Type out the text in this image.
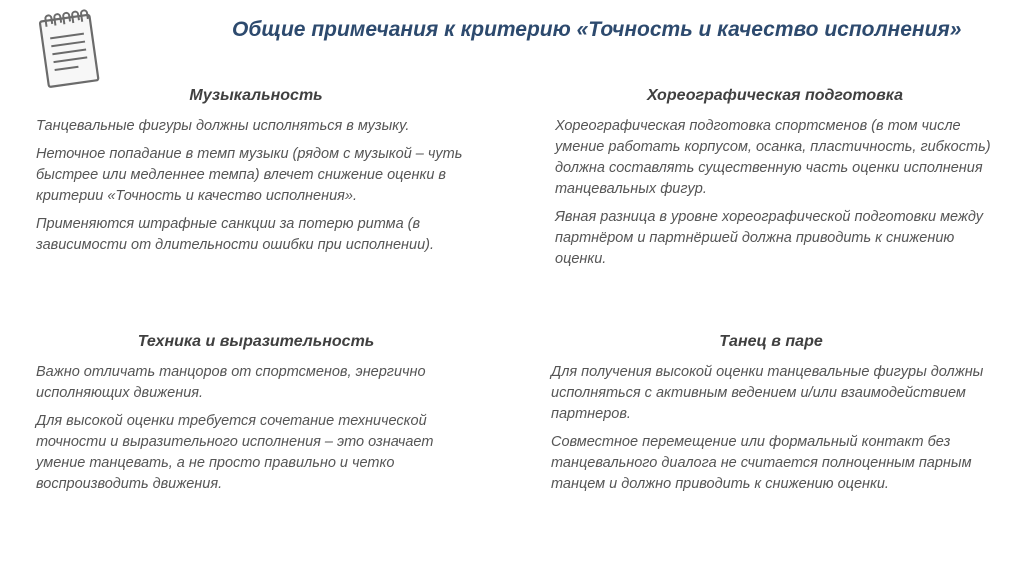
Общие примечания к критерию «Точность и качество исполнения»
Музыкальность

Танцевальные фигуры должны исполняться в музыку.

Неточное попадание в темп музыки (рядом с музыкой – чуть быстрее или медленнее темпа) влечет снижение оценки в критерии «Точность и качество исполнения».

Применяются штрафные санкции за потерю ритма (в зависимости от длительности ошибки при исполнении).

Хореографическая подготовка

Хореографическая подготовка спортсменов (в том числе умение работать корпусом, осанка, пластичность, гибкость) должна составлять существенную часть оценки исполнения танцевальных фигур.

Явная разница в уровне хореографической подготовки между партнёром и партнёршей должна приводить к снижению оценки.

Техника и выразительность

Важно отличать танцоров от спортсменов, энергично исполняющих движения.

Для высокой оценки требуется сочетание технической точности и выразительного исполнения – это означает умение танцевать, а не просто правильно и четко воспроизводить движения.

Танец в паре

Для получения высокой оценки танцевальные фигуры должны исполняться с активным ведением и/или взаимодействием партнеров.

Совместное перемещение или формальный контакт без танцевального диалога не считается полноценным парным танцем и должно приводить к снижению оценки.
